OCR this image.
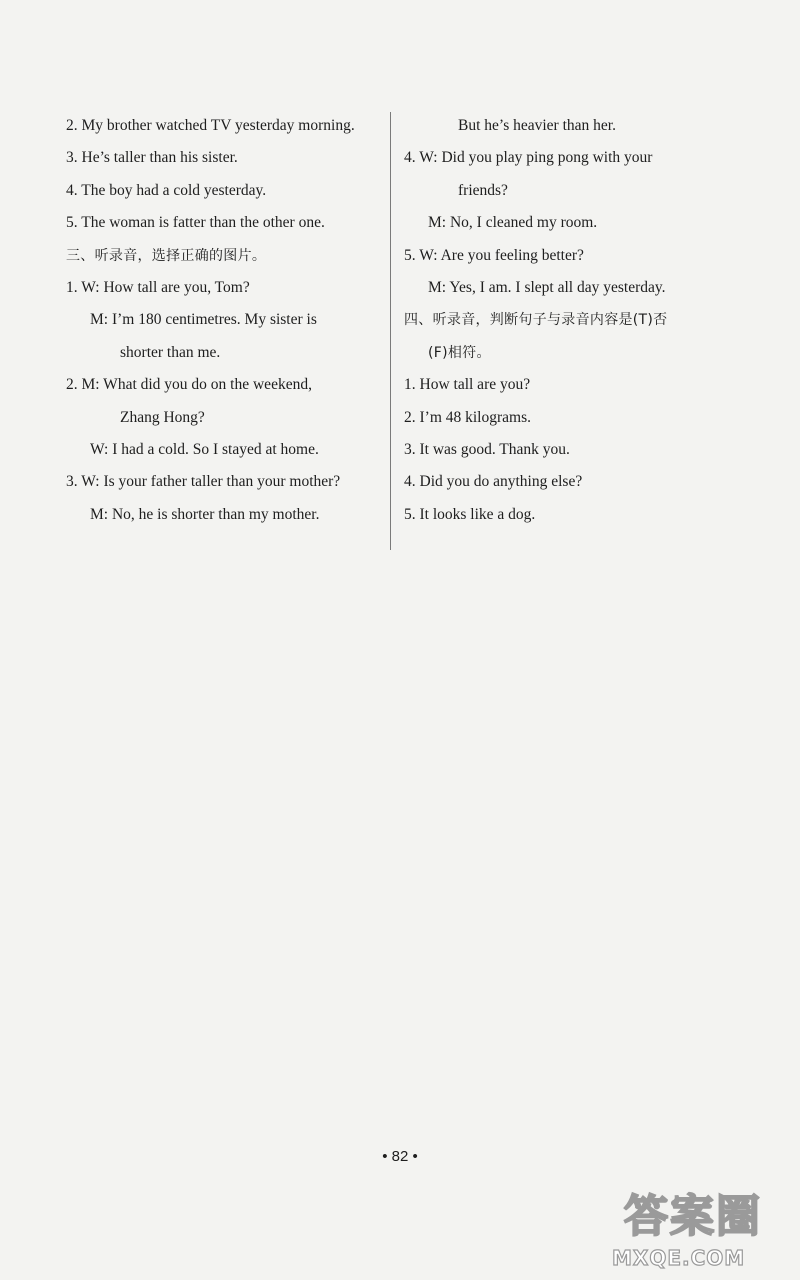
2. My brother watched TV yesterday morning.
3. He’s taller than his sister.
4. The boy had a cold yesterday.
5. The woman is fatter than the other one.
三、听录音，选择正确的图片。
1. W: How tall are you, Tom?
M: I’m 180 centimetres. My sister is
shorter than me.
2. M: What did you do on the weekend,
Zhang Hong?
W: I had a cold. So I stayed at home.
3. W: Is your father taller than your mother?
M: No, he is shorter than my mother.
But he’s heavier than her.
4. W: Did you play ping pong with your
friends?
M: No, I cleaned my room.
5. W: Are you feeling better?
M: Yes, I am. I slept all day yesterday.
四、听录音，判断句子与录音内容是(T)否
(F)相符。
1. How tall are you?
2. I’m 48 kilograms.
3. It was good. Thank you.
4. Did you do anything else?
5. It looks like a dog.
• 82 •
答案圈
MXQE.COM
